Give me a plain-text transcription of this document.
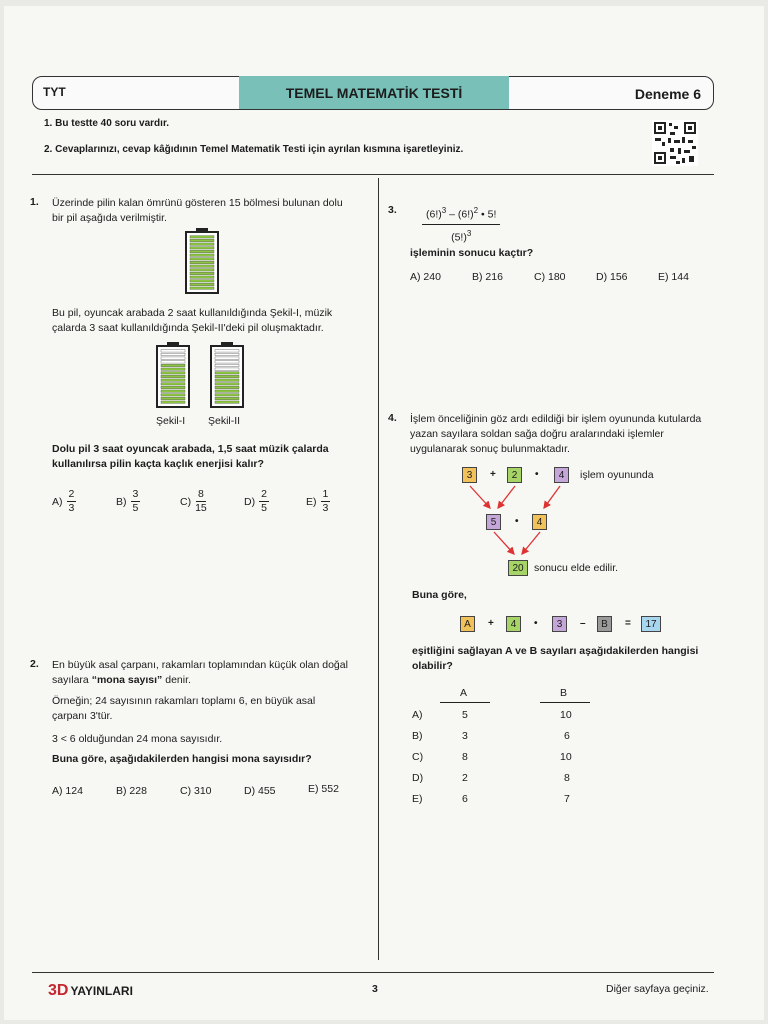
TYT	TEMEL MATEMATİK TESTİ	Deneme 6
1. Bu testte 40 soru vardır.
2. Cevaplarınızı, cevap kâğıdının Temel Matematik Testi için ayrılan kısmına işaretleyiniz.
1. Üzerinde pilin kalan ömrünü gösteren 15 bölmesi bulunan dolu bir pil aşağıda verilmiştir.
Bu pil, oyuncak arabada 2 saat kullanıldığında Şekil-I, müzik çalarda 3 saat kullanıldığında Şekil-II'deki pil oluşmaktadır.
Şekil-I Şekil-II
Dolu pil 3 saat oyuncak arabada, 1,5 saat müzik çalarda kullanılırsa pilin kaçta kaçlık enerjisi kalır?
$A) \frac{2}{3}$	$B) \frac{3}{5}$	$C) \frac{8}{15}$	$D) \frac{2}{5}$	$E) \frac{1}{3}$
2. En büyük asal çarpanı, rakamları toplamından küçük olan doğal sayılara “mona sayısı” denir.
Örneğin; 24 sayısının rakamları toplamı 6, en büyük asal çarpanı 3'tür.
3 < 6 olduğundan 24 mona sayısıdır.
Buna göre, aşağıdakilerden hangisi mona sayısıdır?
A) 124	B) 228	C) 310	D) 455	E) 552
3. $\frac{(6!)^3 - (6!)^2 • 5!}{(5!)^3}$
işleminin sonucu kaçtır?
A) 240	B) 216	C) 180	D) 156	E) 144
4. İşlem önceliğinin göz ardı edildiği bir işlem oyununda kutularda yazan sayılara soldan sağa doğru aralarındaki işlemler uygulanarak sonuç bulunmaktadır.
3	+	2	•	4	işlem oyununda
5	•	4
20 sonucu elde edilir.
Buna göre,
A	+	4	•	3	–	B	=	17
eşitliğini sağlayan A ve B sayıları aşağıdakilerden hangisi olabilir?
A	B
A)	5	10
B)	3	6
C)	8	10
D)	2	8
E)	6	7
3D YAYINLARI	3	Diğer sayfaya geçiniz.
